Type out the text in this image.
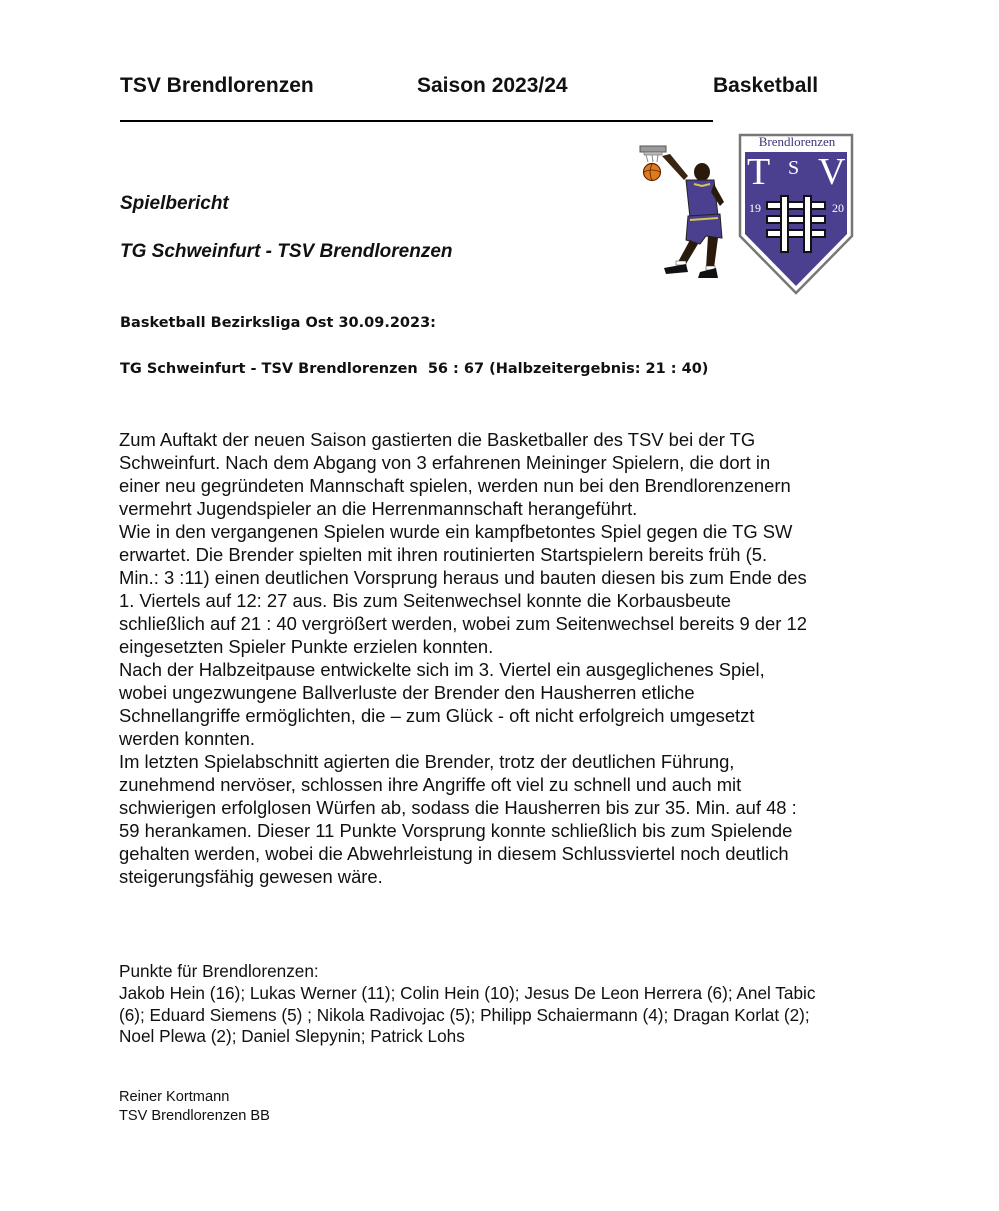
TSV Brendlorenzen	Saison 2023/24	Basketball
Brendlorenzen
T S V
19	20
Spielbericht
TG Schweinfurt - TSV Brendlorenzen
Basketball Bezirksliga Ost 30.09.2023:
TG Schweinfurt - TSV Brendlorenzen  56 : 67 (Halbzeitergebnis: 21 : 40)
Zum Auftakt der neuen Saison gastierten die Basketballer des TSV bei der TG
Schweinfurt. Nach dem Abgang von 3 erfahrenen Meininger Spielern, die dort in
einer neu gegründeten Mannschaft spielen, werden nun bei den Brendlorenzenern
vermehrt Jugendspieler an die Herrenmannschaft herangeführt.
Wie in den vergangenen Spielen wurde ein kampfbetontes Spiel gegen die TG SW
erwartet. Die Brender spielten mit ihren routinierten Startspielern bereits früh (5.
Min.: 3 :11) einen deutlichen Vorsprung heraus und bauten diesen bis zum Ende des
1. Viertels auf 12: 27 aus. Bis zum Seitenwechsel konnte die Korbausbeute
schließlich auf 21 : 40 vergrößert werden, wobei zum Seitenwechsel bereits 9 der 12
eingesetzten Spieler Punkte erzielen konnten.
Nach der Halbzeitpause entwickelte sich im 3. Viertel ein ausgeglichenes Spiel,
wobei ungezwungene Ballverluste der Brender den Hausherren etliche
Schnellangriffe ermöglichten, die – zum Glück - oft nicht erfolgreich umgesetzt
werden konnten.
Im letzten Spielabschnitt agierten die Brender, trotz der deutlichen Führung,
zunehmend nervöser, schlossen ihre Angriffe oft viel zu schnell und auch mit
schwierigen erfolglosen Würfen ab, sodass die Hausherren bis zur 35. Min. auf 48 :
59 herankamen. Dieser 11 Punkte Vorsprung konnte schließlich bis zum Spielende
gehalten werden, wobei die Abwehrleistung in diesem Schlussviertel noch deutlich
steigerungsfähig gewesen wäre.
Punkte für Brendlorenzen:
Jakob Hein (16); Lukas Werner (11); Colin Hein (10); Jesus De Leon Herrera (6); Anel Tabic
(6); Eduard Siemens (5) ; Nikola Radivojac (5); Philipp Schaiermann (4); Dragan Korlat (2);
Noel Plewa (2); Daniel Slepynin; Patrick Lohs
Reiner Kortmann
TSV Brendlorenzen BB
